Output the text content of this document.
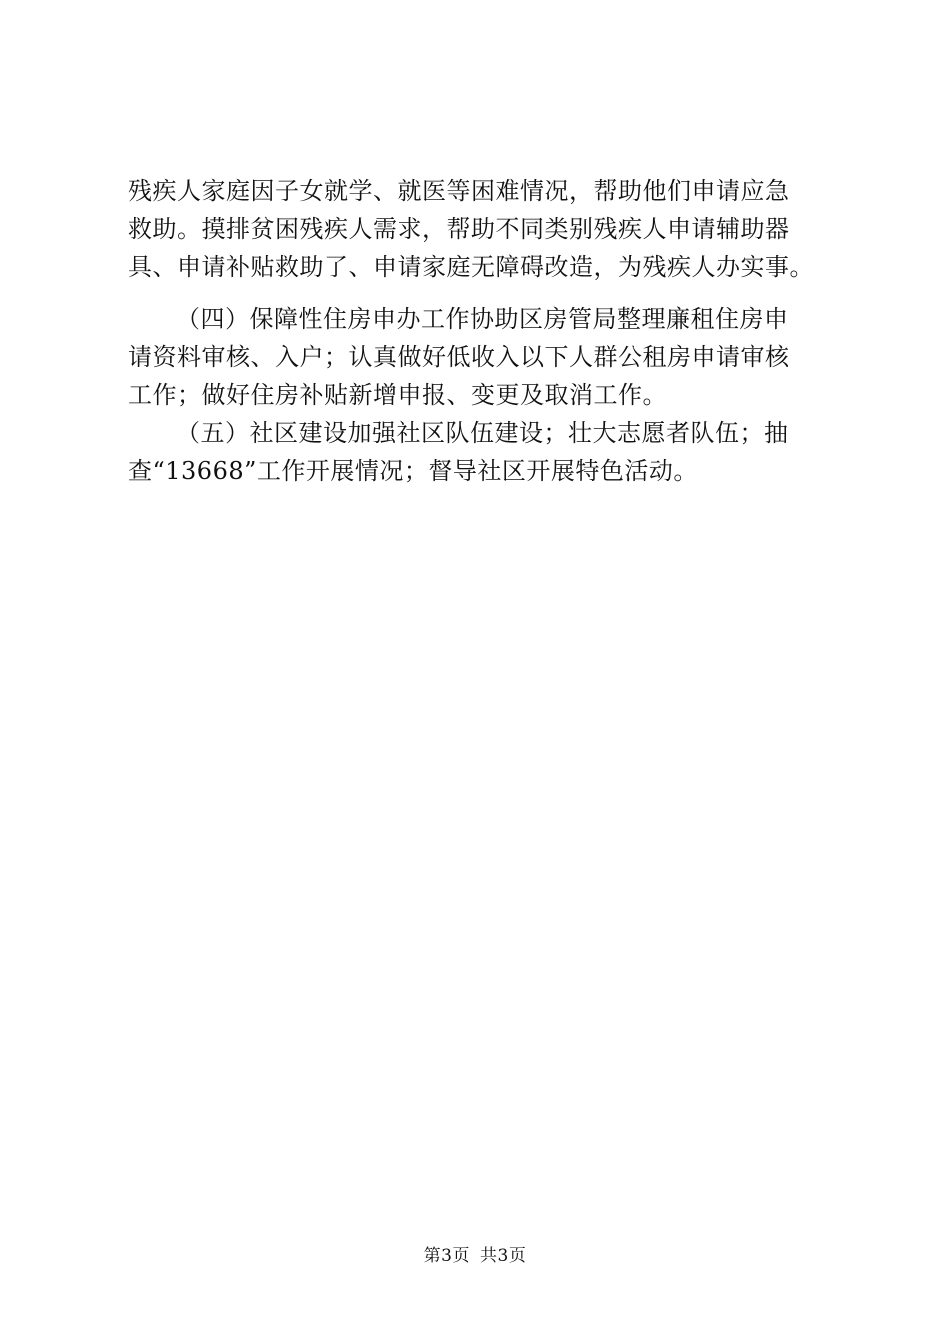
残疾人家庭因子女就学、就医等困难情况，帮助他们申请应急
救助。摸排贫困残疾人需求，帮助不同类别残疾人申请辅助器
具、申请补贴救助了、申请家庭无障碍改造，为残疾人办实事。
（四）保障性住房申办工作协助区房管局整理廉租住房申
请资料审核、入户；认真做好低收入以下人群公租房申请审核
工作；做好住房补贴新增申报、变更及取消工作。
（五）社区建设加强社区队伍建设；壮大志愿者队伍；抽
查“13668”工作开展情况；督导社区开展特色活动。
第3页 共3页
